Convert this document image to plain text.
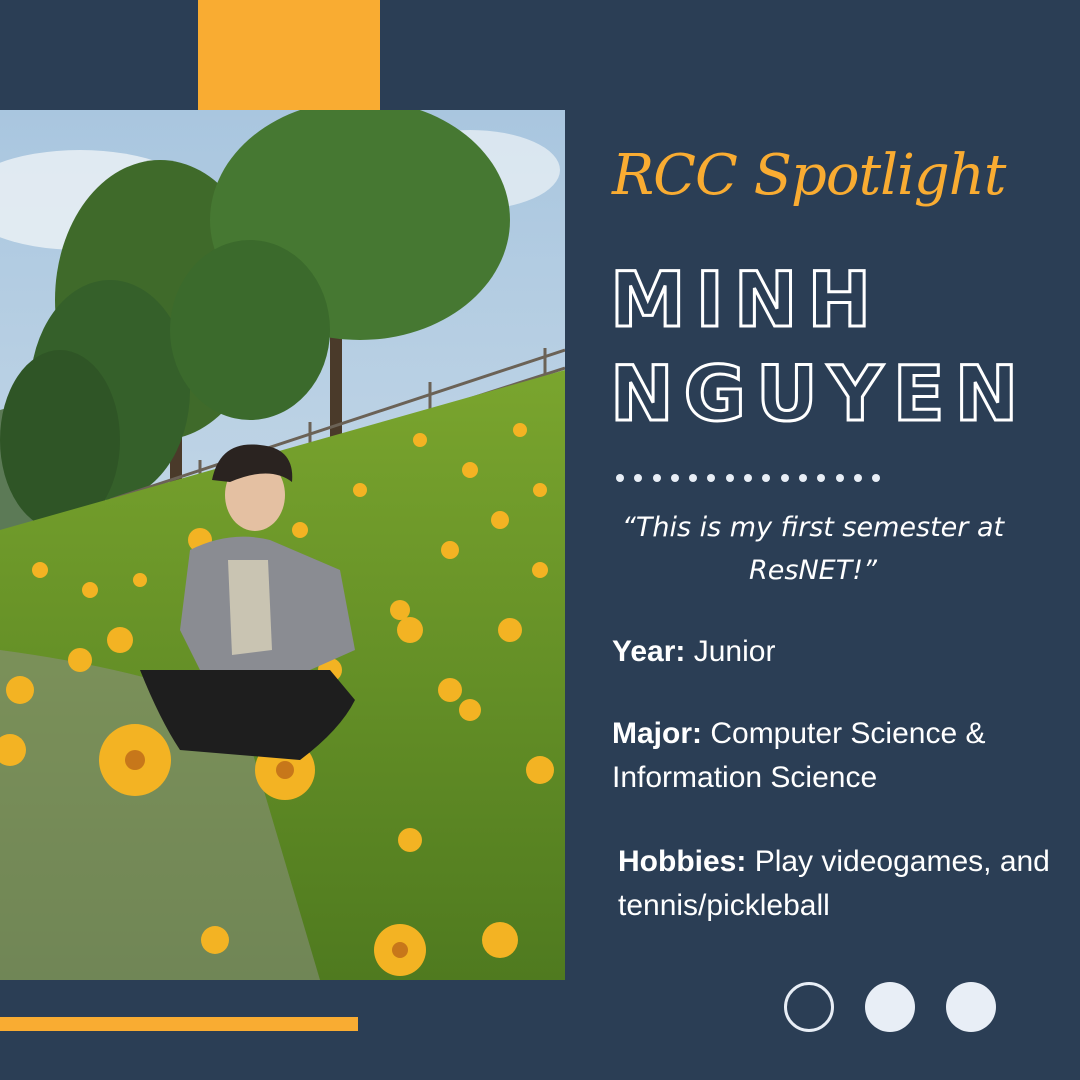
RCC Spotlight
MINH
NGUYEN
“This is my first semester at ResNET!”
Year: Junior
Major: Computer Science & Information Science
Hobbies: Play videogames, and tennis/pickleball
